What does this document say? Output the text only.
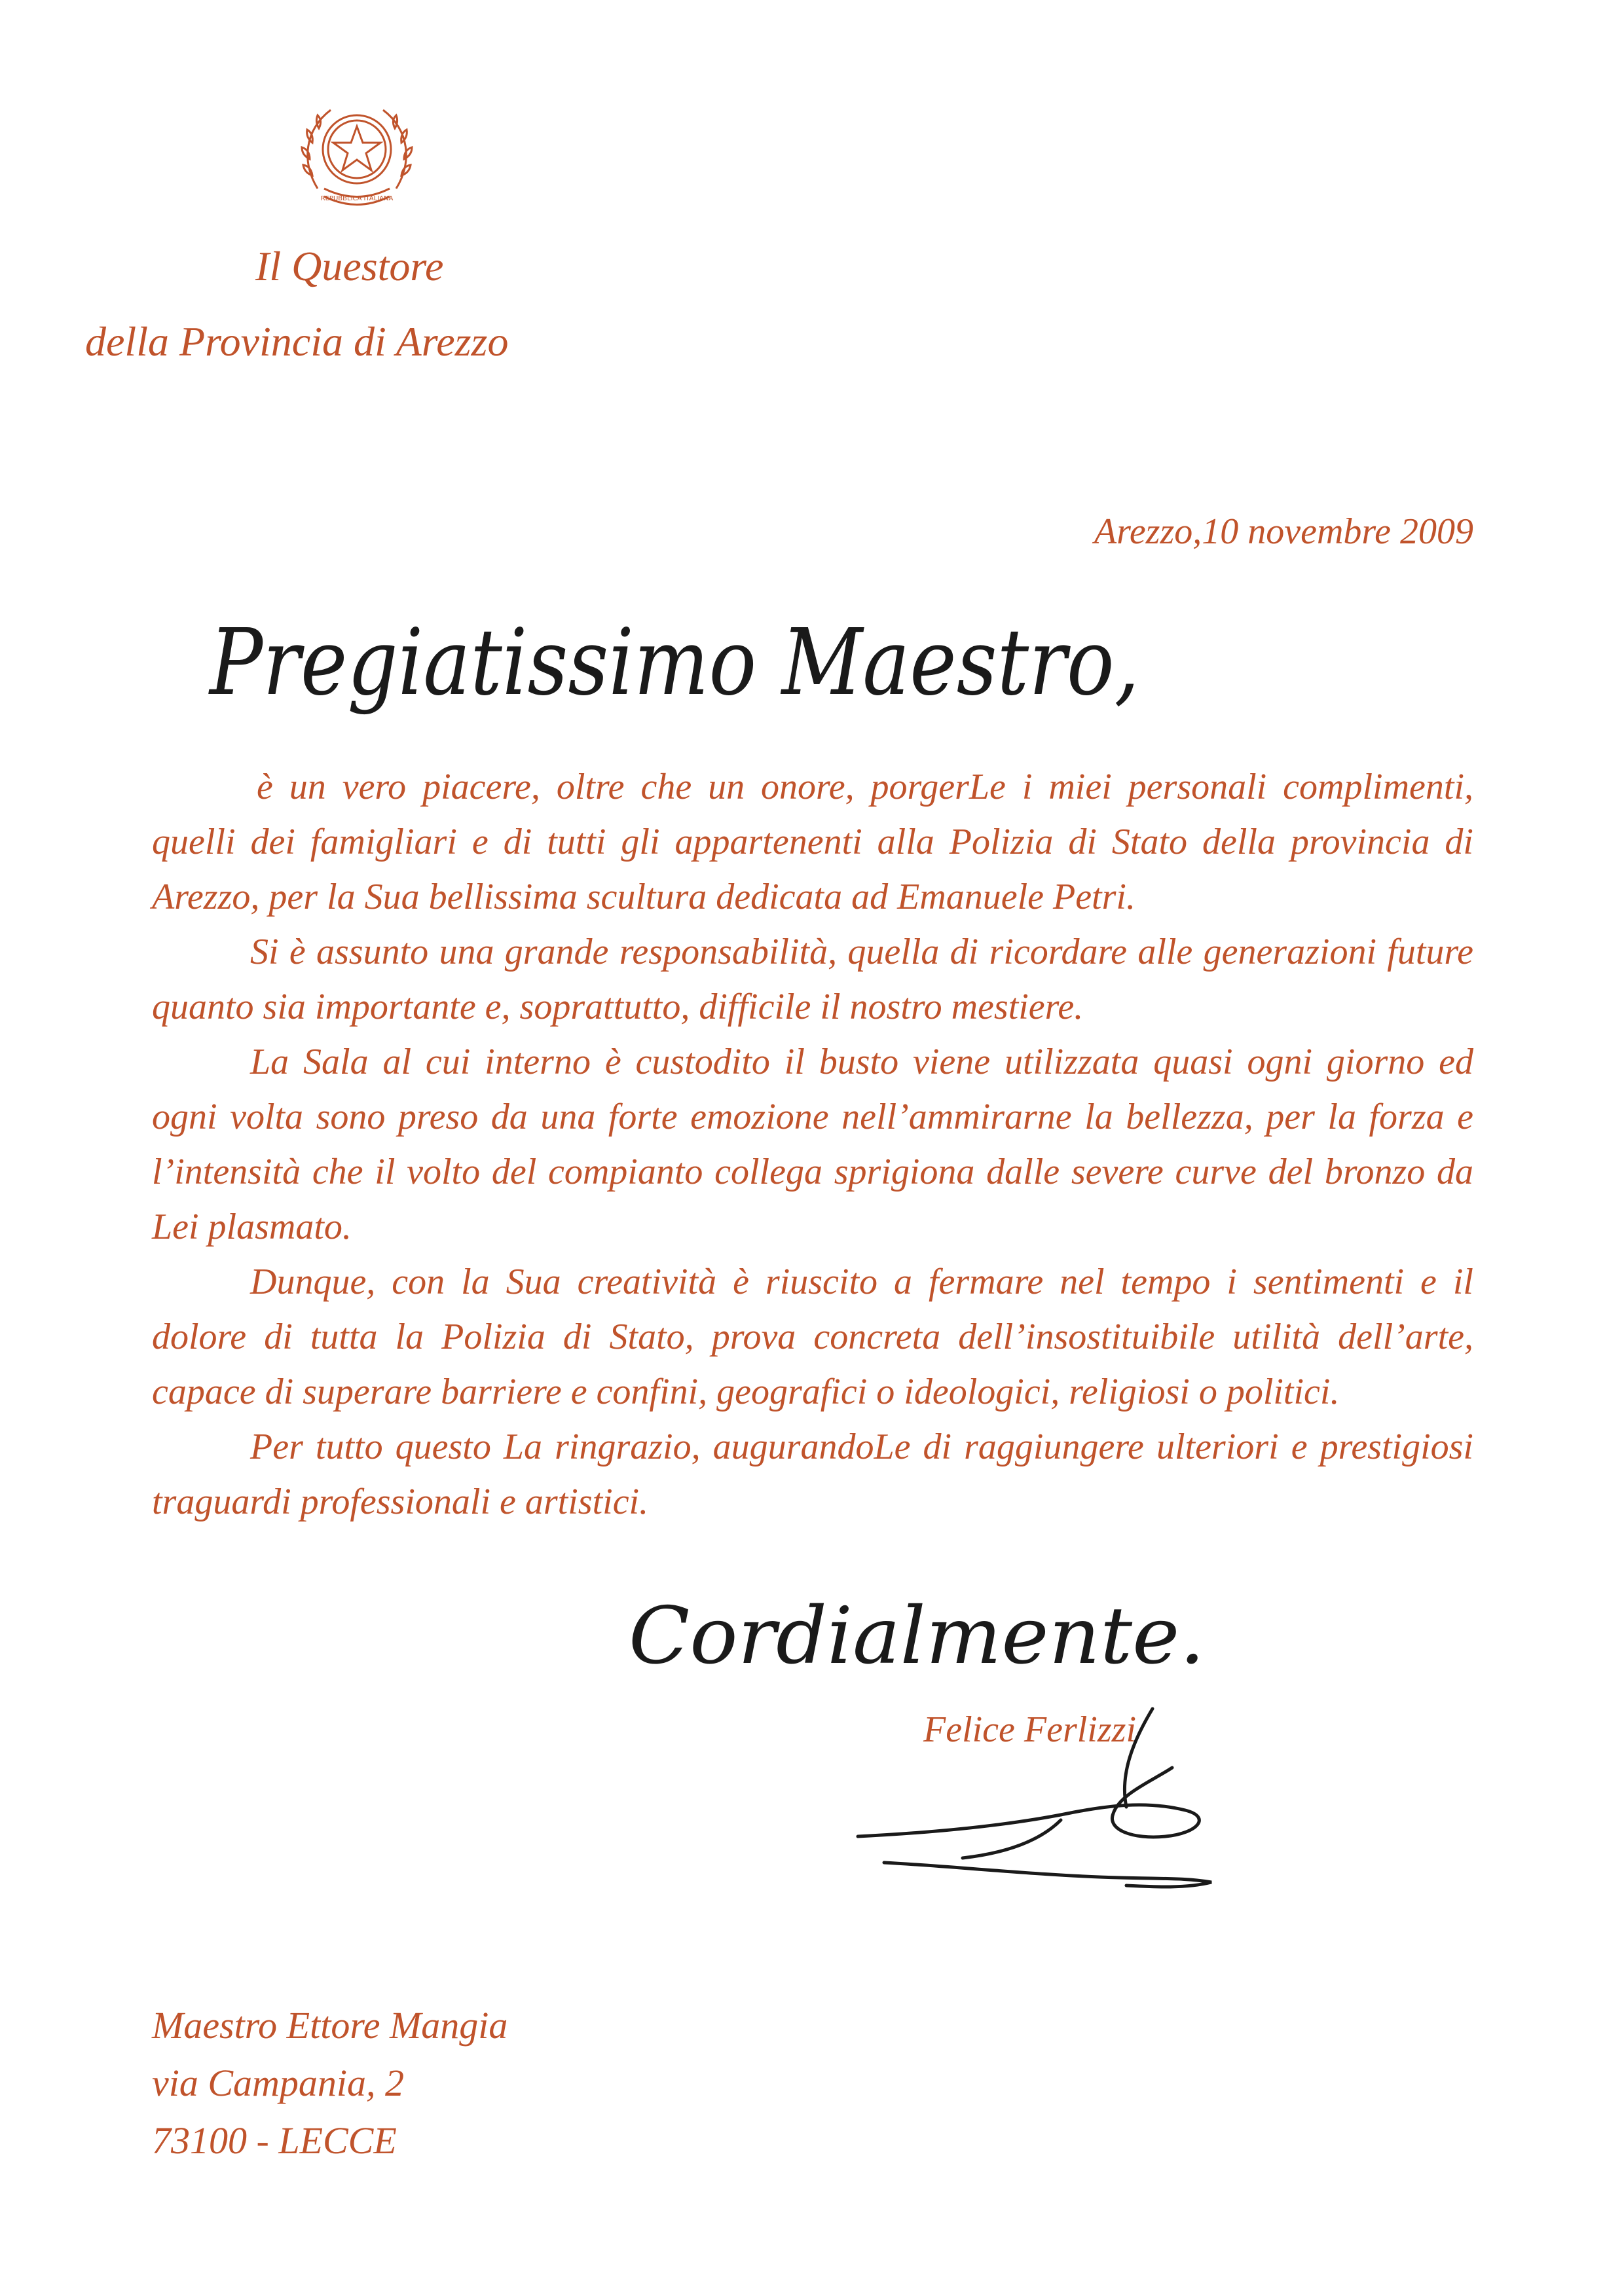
REPUBBLICA ITALIANA
Il Questore
della Provincia di Arezzo
Arezzo,10 novembre 2009
Pregiatissimo Maestro,

è un vero piacere, oltre che un onore, porgerLe i miei personali complimenti, quelli dei famigliari e di tutti gli appartenenti alla Polizia di Stato della provincia di Arezzo, per la Sua bellissima scultura dedicata ad Emanuele Petri.

Si è assunto una grande responsabilità, quella di ricordare alle generazioni future quanto sia importante e, soprattutto, difficile il nostro mestiere.

La Sala al cui interno è custodito il busto viene utilizzata quasi ogni giorno ed ogni volta sono preso da una forte emozione nell’ammirarne la bellezza, per la forza e l’intensità che il volto del compianto collega sprigiona dalle severe curve del bronzo da Lei plasmato.

Dunque, con la Sua creatività è riuscito a fermare nel tempo i sentimenti e il dolore di tutta la Polizia di Stato, prova concreta dell’insostituibile utilità dell’arte, capace di superare barriere e confini, geografici o ideologici, religiosi o politici.

Per tutto questo La ringrazio, augurandoLe di raggiungere ulteriori e prestigiosi traguardi professionali e artistici.

Cordialmente.
Felice Ferlizzi
Maestro Ettore Mangia
via Campania, 2
73100 - LECCE
